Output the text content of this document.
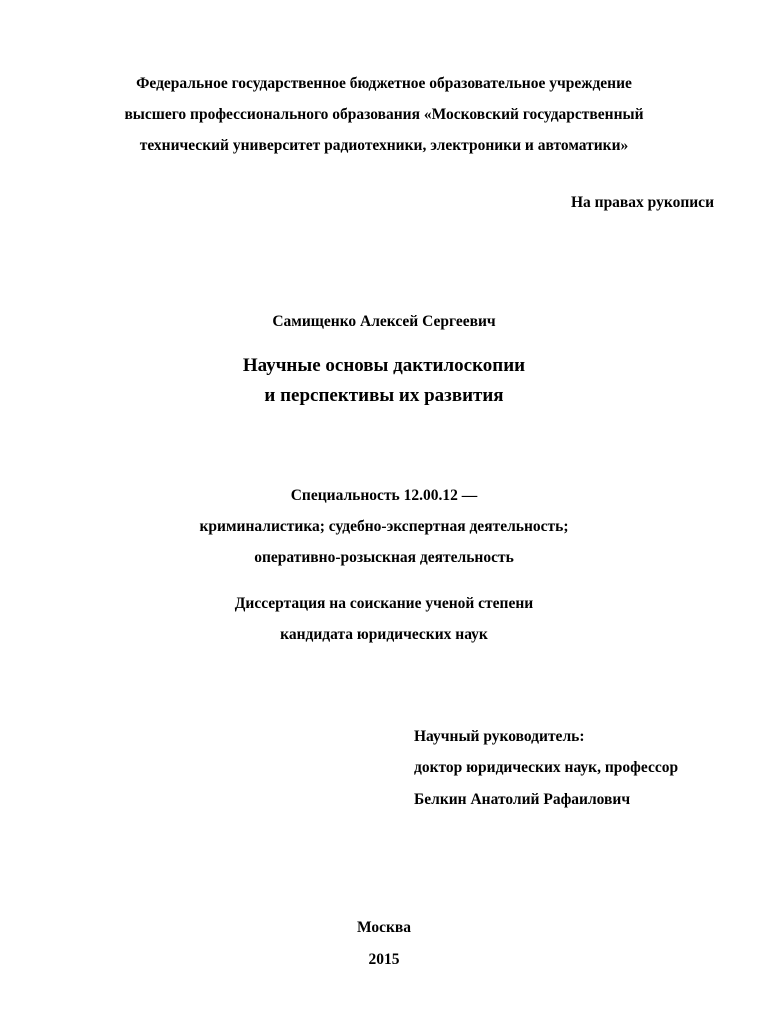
Федеральное государственное бюджетное образовательное учреждение
высшего профессионального образования «Московский государственный
технический университет радиотехники, электроники и автоматики»
На правах рукописи
Самищенко Алексей Сергеевич
Научные основы дактилоскопии
и перспективы их развития
Специальность 12.00.12 —
криминалистика; судебно-экспертная деятельность;
оперативно-розыскная деятельность
Диссертация на соискание ученой степени
кандидата юридических наук
Научный руководитель:
доктор юридических наук, профессор
Белкин Анатолий Рафаилович
Москва
2015
